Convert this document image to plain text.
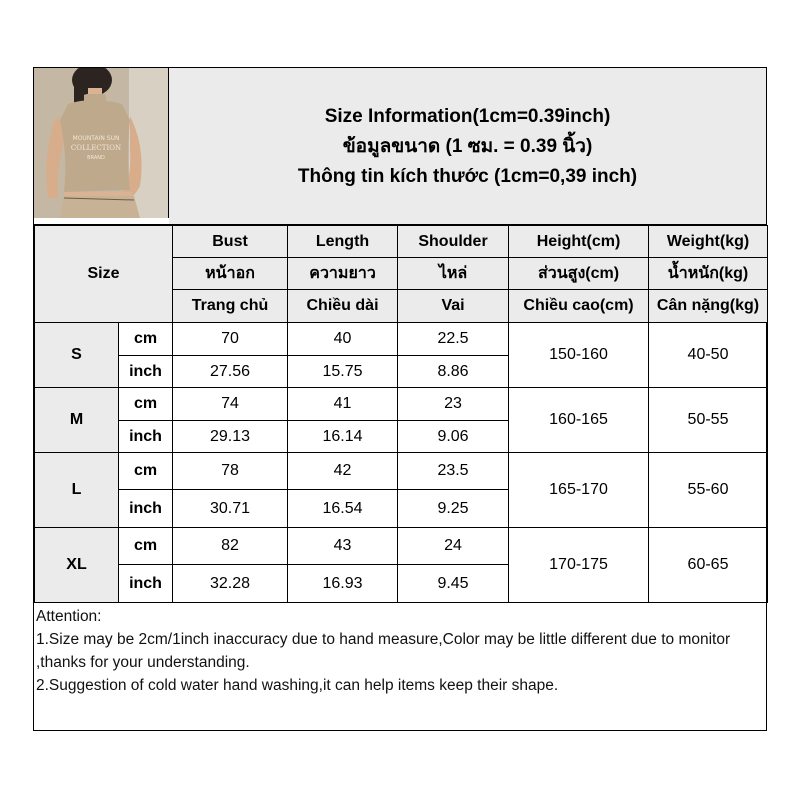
MOUNTAIN SUN
COLLECTION
BRAND
Size Information(1cm=0.39inch)
ข้อมูลขนาด (1 ซม. = 0.39 นิ้ว)
Thông tin kích thước (1cm=0,39 inch)
Size		Bust	Length	Shoulder	Height(cm)	Weight(kg)
		หน้าอก	ความยาว	ไหล่	ส่วนสูง(cm)	น้ำหนัก(kg)
		Trang chủ	Chiều dài	Vai	Chiều cao(cm)	Cân nặng(kg)
S	cm	70	40	22.5	150-160	40-50
	inch	27.56	15.75	8.86		
M	cm	74	41	23	160-165	50-55
	inch	29.13	16.14	9.06		
L	cm	78	42	23.5	165-170	55-60
	inch	30.71	16.54	9.25		
XL	cm	82	43	24	170-175	60-65
	inch	32.28	16.93	9.45		
Attention:
1.Size may be 2cm/1inch inaccuracy due to hand measure,Color may be little different due to monitor ,thanks for your understanding.
2.Suggestion of cold water hand washing,it can help items keep their shape.
